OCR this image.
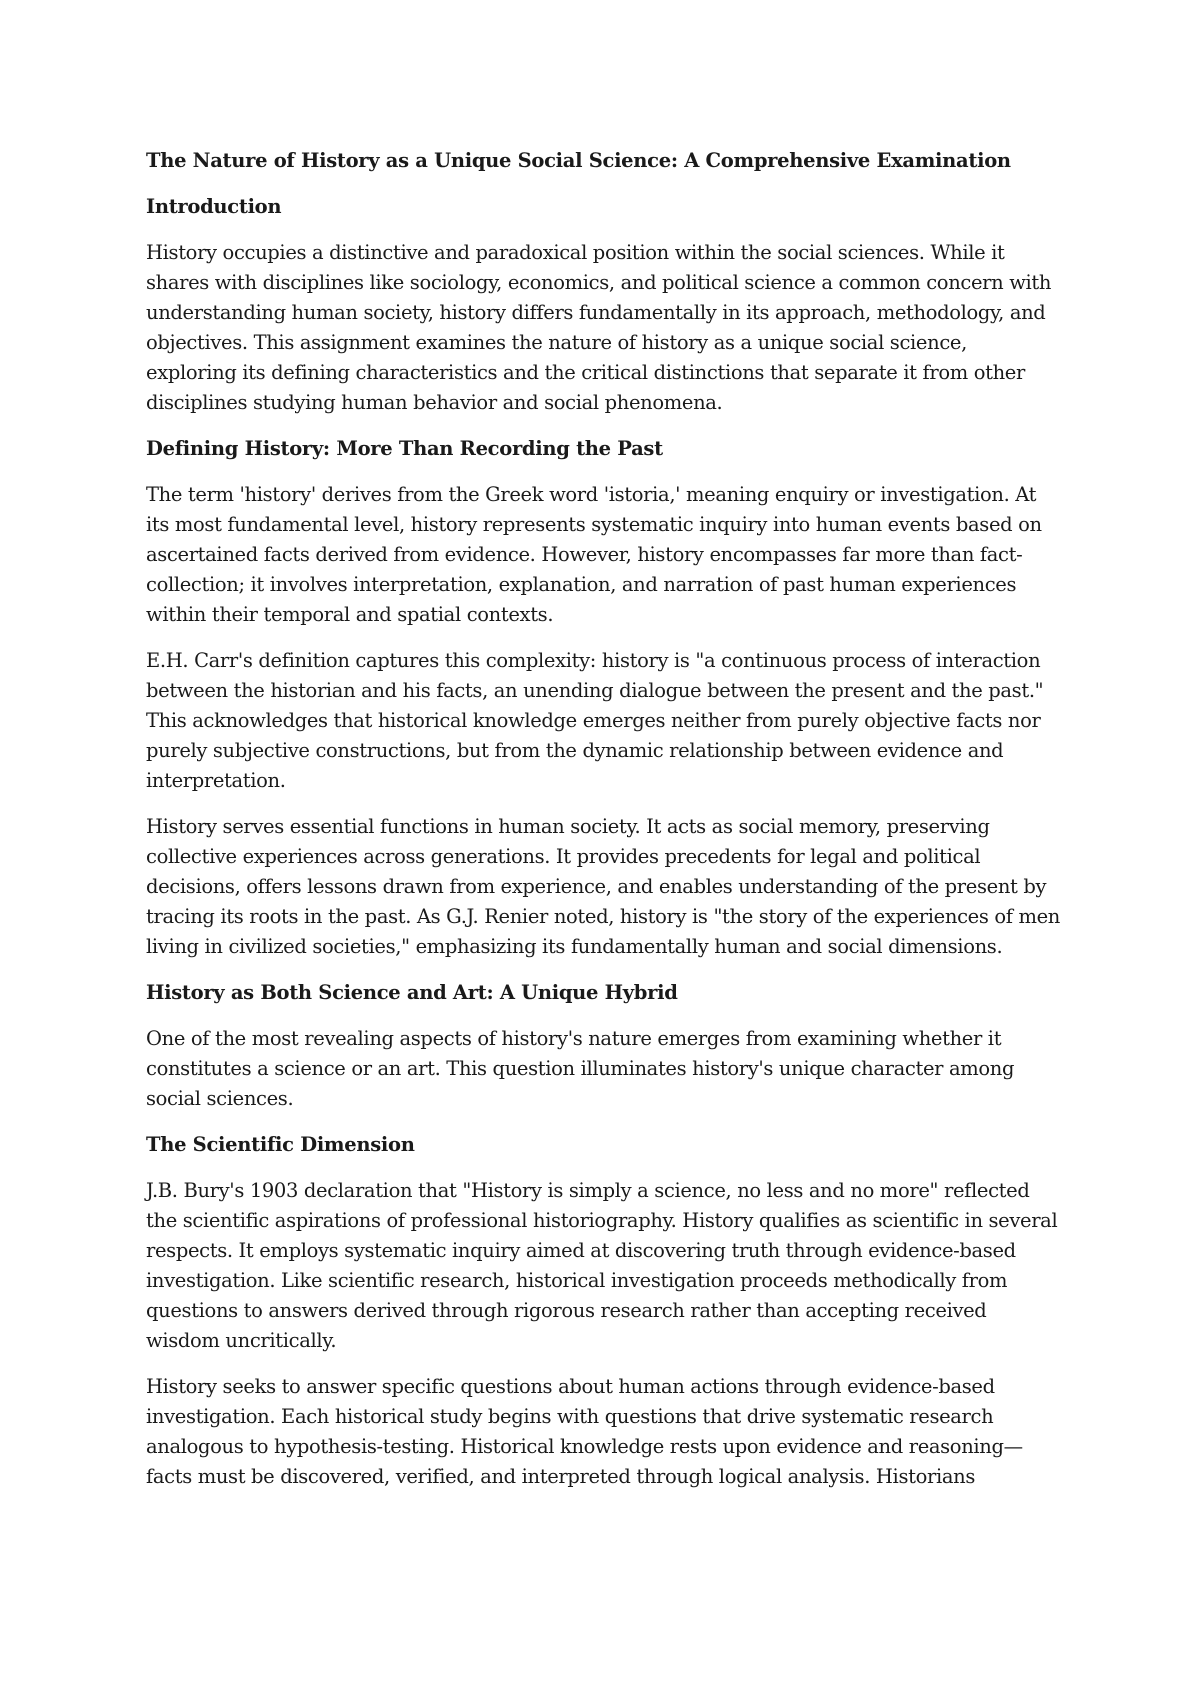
The Nature of History as a Unique Social Science: A Comprehensive Examination
Introduction

History occupies a distinctive and paradoxical position within the social sciences. While it shares with disciplines like sociology, economics, and political science a common concern with understanding human society, history differs fundamentally in its approach, methodology, and objectives. This assignment examines the nature of history as a unique social science, exploring its defining characteristics and the critical distinctions that separate it from other disciplines studying human behavior and social phenomena.

Defining History: More Than Recording the Past

The term 'history' derives from the Greek word 'istoria,' meaning enquiry or investigation. At its most fundamental level, history represents systematic inquiry into human events based on ascertained facts derived from evidence. However, history encompasses far more than fact-collection; it involves interpretation, explanation, and narration of past human experiences within their temporal and spatial contexts.

E.H. Carr's definition captures this complexity: history is "a continuous process of interaction between the historian and his facts, an unending dialogue between the present and the past." This acknowledges that historical knowledge emerges neither from purely objective facts nor purely subjective constructions, but from the dynamic relationship between evidence and interpretation.

History serves essential functions in human society. It acts as social memory, preserving collective experiences across generations. It provides precedents for legal and political decisions, offers lessons drawn from experience, and enables understanding of the present by tracing its roots in the past. As G.J. Renier noted, history is "the story of the experiences of men living in civilized societies," emphasizing its fundamentally human and social dimensions.

History as Both Science and Art: A Unique Hybrid

One of the most revealing aspects of history's nature emerges from examining whether it constitutes a science or an art. This question illuminates history's unique character among social sciences.

The Scientific Dimension

J.B. Bury's 1903 declaration that "History is simply a science, no less and no more" reflected the scientific aspirations of professional historiography. History qualifies as scientific in several respects. It employs systematic inquiry aimed at discovering truth through evidence-based investigation. Like scientific research, historical investigation proceeds methodically from questions to answers derived through rigorous research rather than accepting received wisdom uncritically.

History seeks to answer specific questions about human actions through evidence-based investigation. Each historical study begins with questions that drive systematic research analogous to hypothesis-testing. Historical knowledge rests upon evidence and reasoning—facts must be discovered, verified, and interpreted through logical analysis. Historians
